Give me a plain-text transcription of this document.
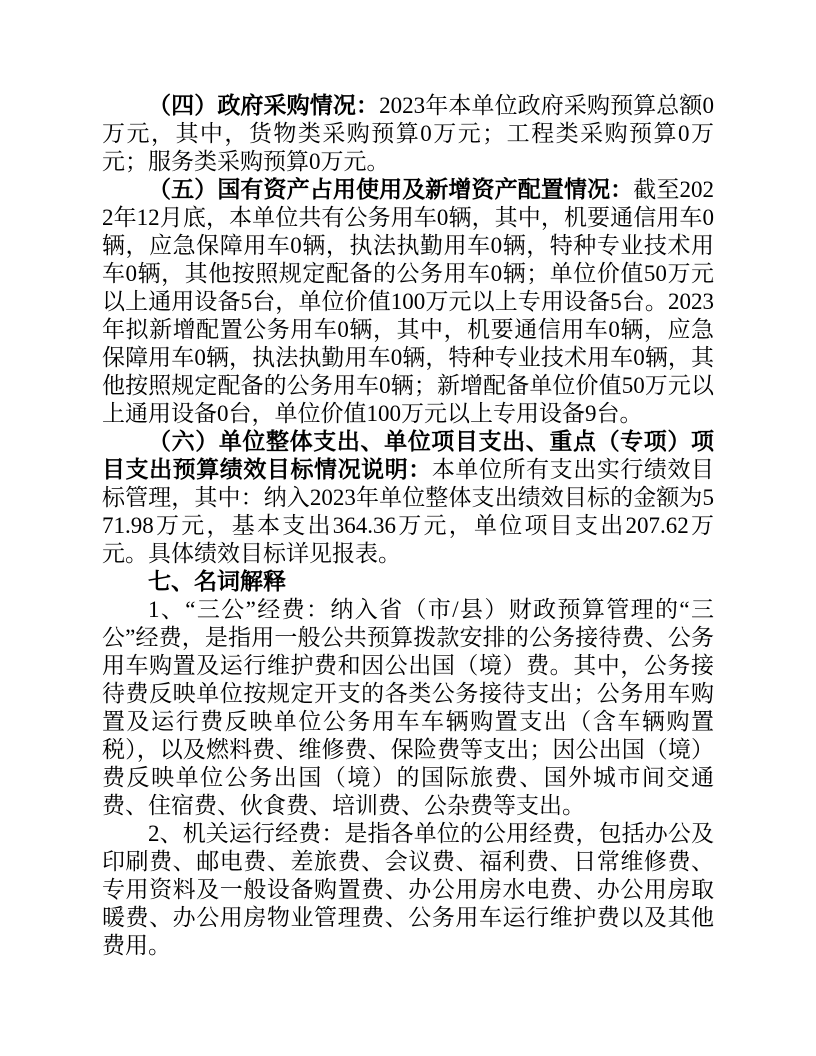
（四）政府采购情况：2023年本单位政府采购预算总额0万元，其中，货物类采购预算0万元；工程类采购预算0万元；服务类采购预算0万元。

（五）国有资产占用使用及新增资产配置情况：截至2022年12月底，本单位共有公务用车0辆，其中，机要通信用车0辆，应急保障用车0辆，执法执勤用车0辆，特种专业技术用车0辆，其他按照规定配备的公务用车0辆；单位价值50万元以上通用设备5台，单位价值100万元以上专用设备5台。2023年拟新增配置公务用车0辆，其中，机要通信用车0辆，应急保障用车0辆，执法执勤用车0辆，特种专业技术用车0辆，其他按照规定配备的公务用车0辆；新增配备单位价值50万元以上通用设备0台，单位价值100万元以上专用设备9台。

（六）单位整体支出、单位项目支出、重点（专项）项目支出预算绩效目标情况说明：本单位所有支出实行绩效目标管理，其中：纳入2023年单位整体支出绩效目标的金额为571.98万元，基本支出364.36万元，单位项目支出207.62万元。具体绩效目标详见报表。

七、名词解释

1、“三公”经费：纳入省（市/县）财政预算管理的“三公”经费，是指用一般公共预算拨款安排的公务接待费、公务用车购置及运行维护费和因公出国（境）费。其中，公务接待费反映单位按规定开支的各类公务接待支出；公务用车购置及运行费反映单位公务用车车辆购置支出（含车辆购置税），以及燃料费、维修费、保险费等支出；因公出国（境）费反映单位公务出国（境）的国际旅费、国外城市间交通费、住宿费、伙食费、培训费、公杂费等支出。

2、机关运行经费：是指各单位的公用经费，包括办公及印刷费、邮电费、差旅费、会议费、福利费、日常维修费、专用资料及一般设备购置费、办公用房水电费、办公用房取暖费、办公用房物业管理费、公务用车运行维护费以及其他费用。
